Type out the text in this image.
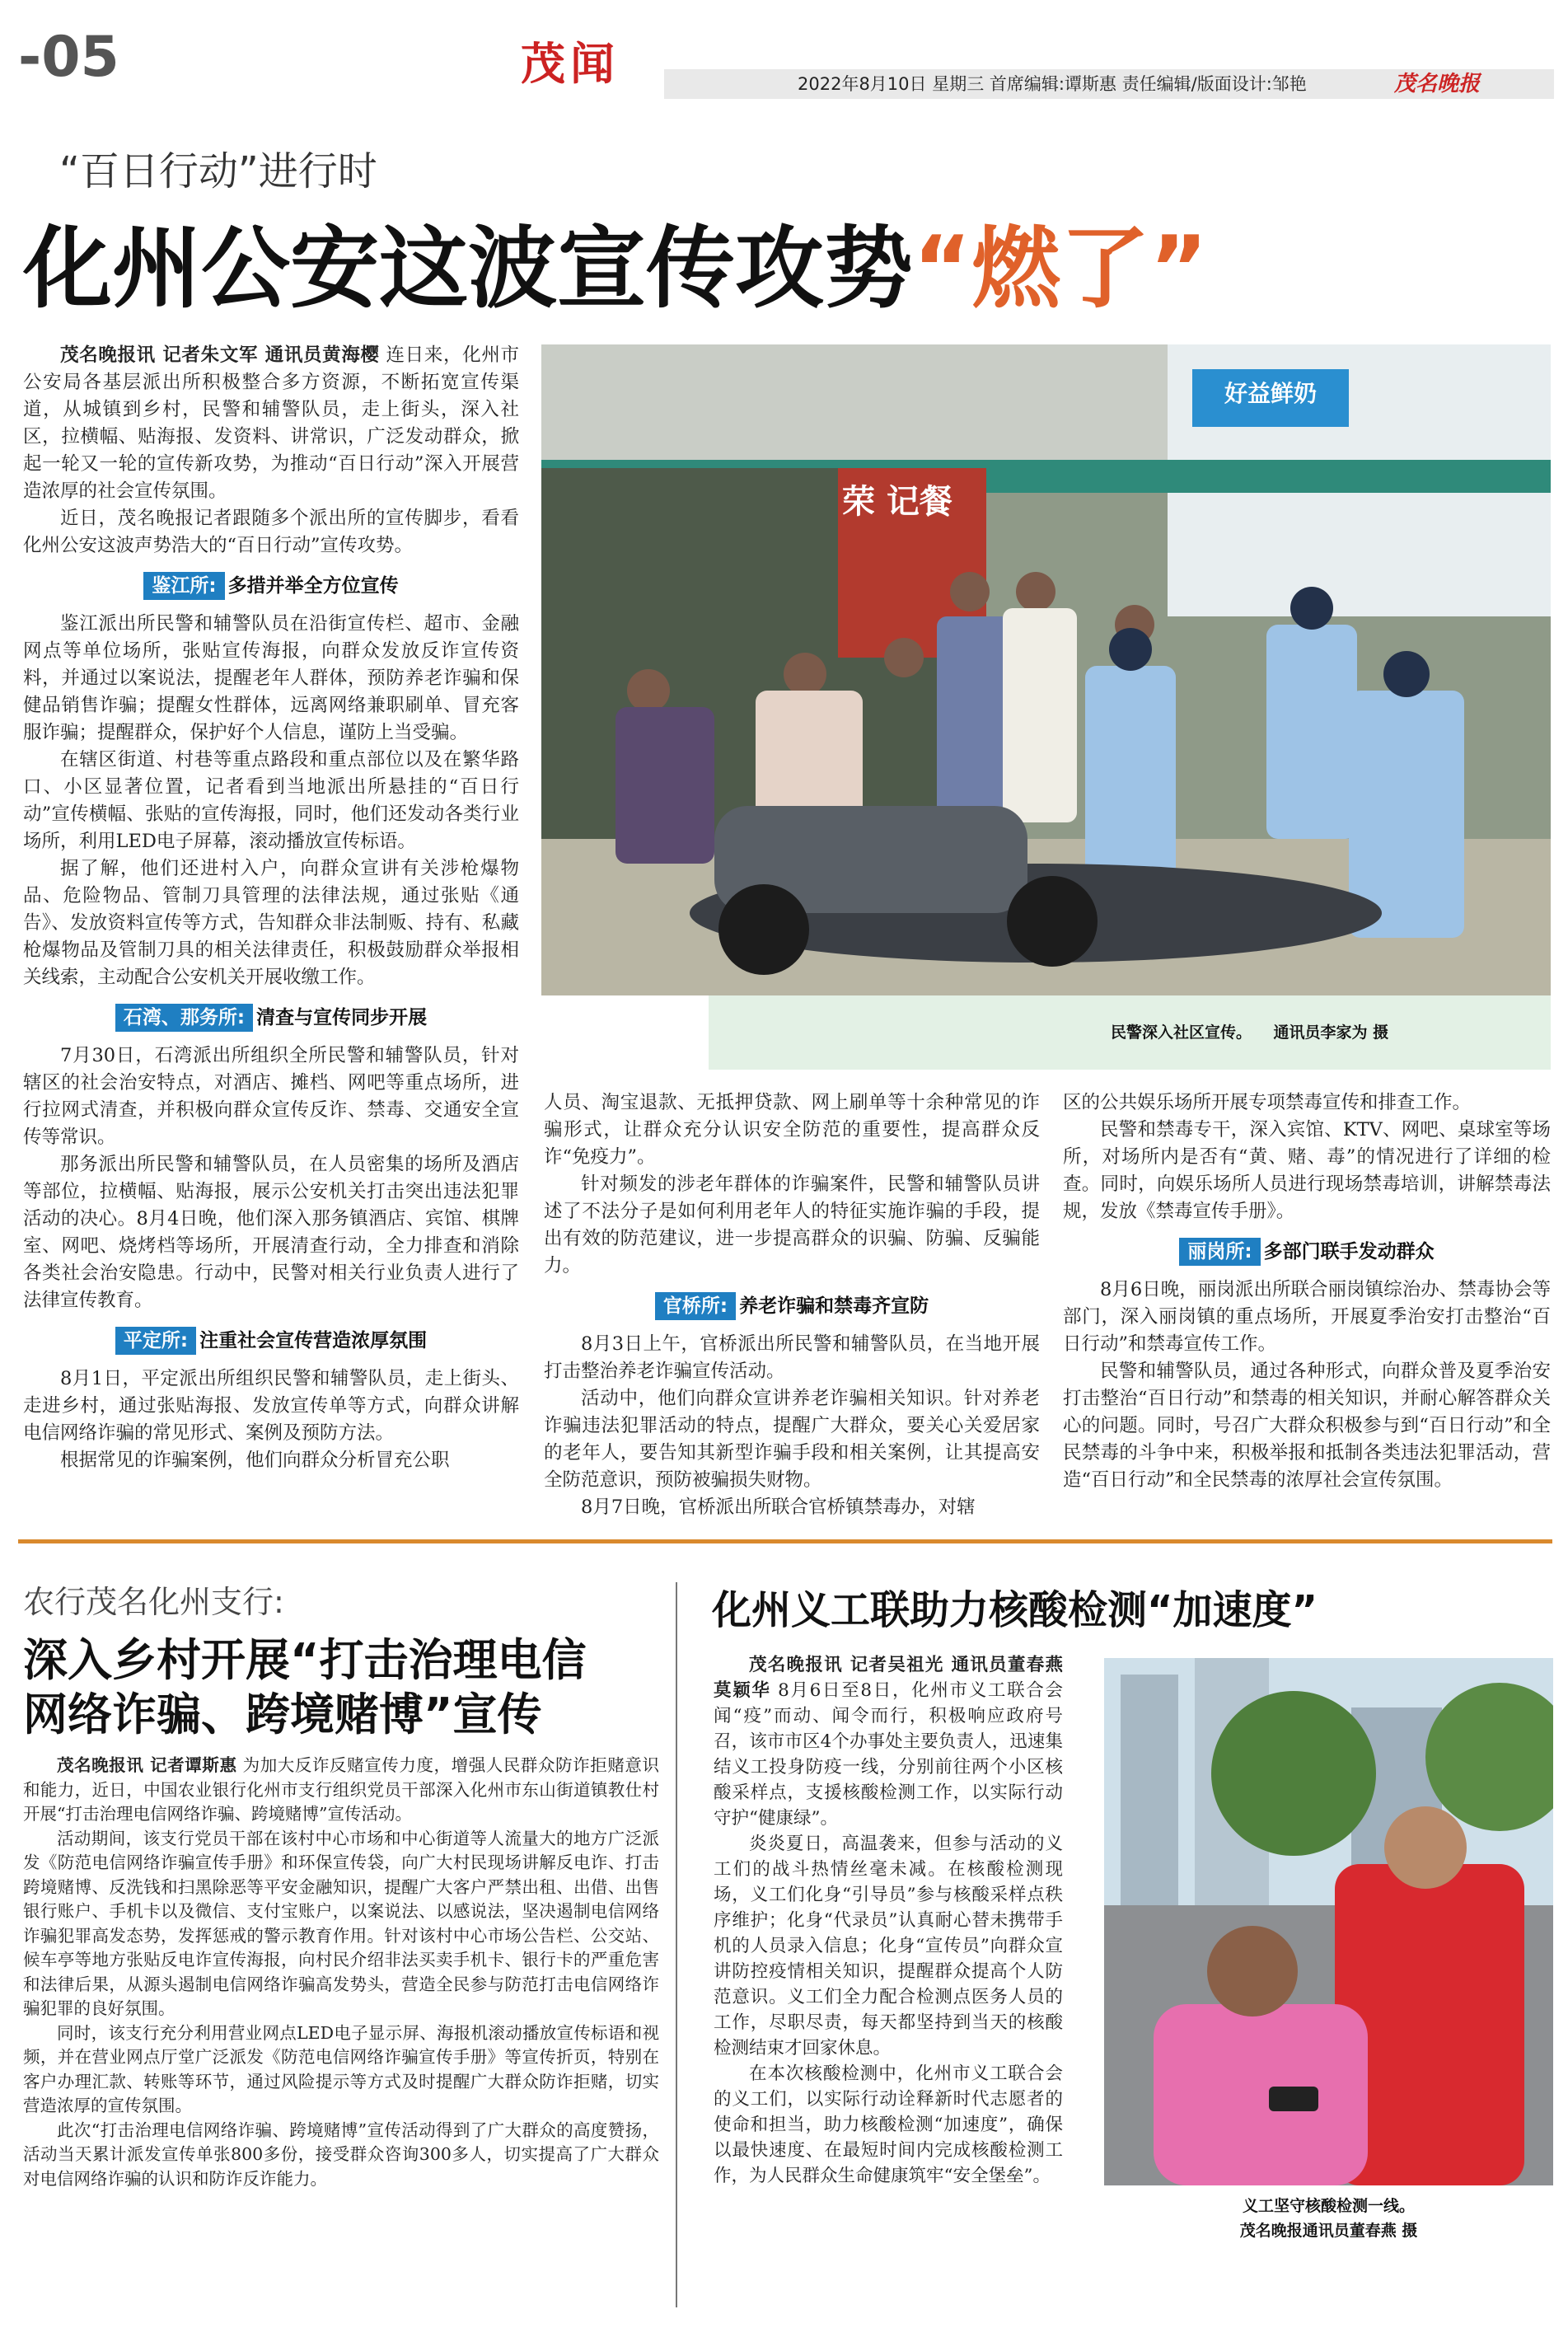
-05	茂闻	2022年8月10日 星期三 首席编辑:谭斯惠 责任编辑/版面设计:邹艳	茂名晚报
“百日行动”进行时
化州公安这波宣传攻势“燃了”

茂名晚报讯 记者朱文军 通讯员黄海樱 连日来，化州市公安局各基层派出所积极整合多方资源，不断拓宽宣传渠道，从城镇到乡村，民警和辅警队员，走上街头，深入社区，拉横幅、贴海报、发资料、讲常识，广泛发动群众，掀起一轮又一轮的宣传新攻势，为推动“百日行动”深入开展营造浓厚的社会宣传氛围。

近日，茂名晚报记者跟随多个派出所的宣传脚步，看看化州公安这波声势浩大的“百日行动”宣传攻势。

鉴江所: 多措并举全方位宣传

鉴江派出所民警和辅警队员在沿街宣传栏、超市、金融网点等单位场所，张贴宣传海报，向群众发放反诈宣传资料，并通过以案说法，提醒老年人群体，预防养老诈骗和保健品销售诈骗；提醒女性群体，远离网络兼职刷单、冒充客服诈骗；提醒群众，保护好个人信息，谨防上当受骗。

在辖区街道、村巷等重点路段和重点部位以及在繁华路口、小区显著位置，记者看到当地派出所悬挂的“百日行动”宣传横幅、张贴的宣传海报，同时，他们还发动各类行业场所，利用LED电子屏幕，滚动播放宣传标语。

据了解，他们还进村入户，向群众宣讲有关涉枪爆物品、危险物品、管制刀具管理的法律法规，通过张贴《通告》、发放资料宣传等方式，告知群众非法制贩、持有、私藏枪爆物品及管制刀具的相关法律责任，积极鼓励群众举报相关线索，主动配合公安机关开展收缴工作。

石湾、那务所: 清查与宣传同步开展

7月30日，石湾派出所组织全所民警和辅警队员，针对辖区的社会治安特点，对酒店、摊档、网吧等重点场所，进行拉网式清查，并积极向群众宣传反诈、禁毒、交通安全宣传等常识。

那务派出所民警和辅警队员，在人员密集的场所及酒店等部位，拉横幅、贴海报，展示公安机关打击突出违法犯罪活动的决心。8月4日晚，他们深入那务镇酒店、宾馆、棋牌室、网吧、烧烤档等场所，开展清查行动，全力排查和消除各类社会治安隐患。行动中，民警对相关行业负责人进行了法律宣传教育。

平定所: 注重社会宣传营造浓厚氛围

8月1日，平定派出所组织民警和辅警队员，走上街头、走进乡村，通过张贴海报、发放宣传单等方式，向群众讲解电信网络诈骗的常见形式、案例及预防方法。

根据常见的诈骗案例，他们向群众分析冒充公职

荣 记餐
好益鲜奶
民警深入社区宣传。    通讯员李家为 摄

人员、淘宝退款、无抵押贷款、网上刷单等十余种常见的诈骗形式，让群众充分认识安全防范的重要性，提高群众反诈“免疫力”。

针对频发的涉老年群体的诈骗案件，民警和辅警队员讲述了不法分子是如何利用老年人的特征实施诈骗的手段，提出有效的防范建议，进一步提高群众的识骗、防骗、反骗能力。

官桥所: 养老诈骗和禁毒齐宣防

8月3日上午，官桥派出所民警和辅警队员，在当地开展打击整治养老诈骗宣传活动。

活动中，他们向群众宣讲养老诈骗相关知识。针对养老诈骗违法犯罪活动的特点，提醒广大群众，要关心关爱居家的老年人，要告知其新型诈骗手段和相关案例，让其提高安全防范意识，预防被骗损失财物。

8月7日晚，官桥派出所联合官桥镇禁毒办，对辖

区的公共娱乐场所开展专项禁毒宣传和排查工作。

民警和禁毒专干，深入宾馆、KTV、网吧、桌球室等场所，对场所内是否有“黄、赌、毒”的情况进行了详细的检查。同时，向娱乐场所人员进行现场禁毒培训，讲解禁毒法规，发放《禁毒宣传手册》。

丽岗所: 多部门联手发动群众

8月6日晚，丽岗派出所联合丽岗镇综治办、禁毒协会等部门，深入丽岗镇的重点场所，开展夏季治安打击整治“百日行动”和禁毒宣传工作。

民警和辅警队员，通过各种形式，向群众普及夏季治安打击整治“百日行动”和禁毒的相关知识，并耐心解答群众关心的问题。同时，号召广大群众积极参与到“百日行动”和全民禁毒的斗争中来，积极举报和抵制各类违法犯罪活动，营造“百日行动”和全民禁毒的浓厚社会宣传氛围。

农行茂名化州支行:
深入乡村开展“打击治理电信
网络诈骗、跨境赌博”宣传

茂名晚报讯 记者谭斯惠 为加大反诈反赌宣传力度，增强人民群众防诈拒赌意识和能力，近日，中国农业银行化州市支行组织党员干部深入化州市东山街道镇教仕村开展“打击治理电信网络诈骗、跨境赌博”宣传活动。

活动期间，该支行党员干部在该村中心市场和中心街道等人流量大的地方广泛派发《防范电信网络诈骗宣传手册》和环保宣传袋，向广大村民现场讲解反电诈、打击跨境赌博、反洗钱和扫黑除恶等平安金融知识，提醒广大客户严禁出租、出借、出售银行账户、手机卡以及微信、支付宝账户，以案说法、以感说法，坚决遏制电信网络诈骗犯罪高发态势，发挥惩戒的警示教育作用。针对该村中心市场公告栏、公交站、候车亭等地方张贴反电诈宣传海报，向村民介绍非法买卖手机卡、银行卡的严重危害和法律后果，从源头遏制电信网络诈骗高发势头，营造全民参与防范打击电信网络诈骗犯罪的良好氛围。

同时，该支行充分利用营业网点LED电子显示屏、海报机滚动播放宣传标语和视频，并在营业网点厅堂广泛派发《防范电信网络诈骗宣传手册》等宣传折页，特别在客户办理汇款、转账等环节，通过风险提示等方式及时提醒广大群众防诈拒赌，切实营造浓厚的宣传氛围。

此次“打击治理电信网络诈骗、跨境赌博”宣传活动得到了广大群众的高度赞扬，活动当天累计派发宣传单张800多份，接受群众咨询300多人，切实提高了广大群众对电信网络诈骗的认识和防诈反诈能力。

化州义工联助力核酸检测“加速度”

茂名晚报讯 记者吴祖光 通讯员董春燕 莫颖华 8月6日至8日，化州市义工联合会闻“疫”而动、闻令而行，积极响应政府号召，该市市区4个办事处主要负责人，迅速集结义工投身防疫一线，分别前往两个小区核酸采样点，支援核酸检测工作，以实际行动守护“健康绿”。

炎炎夏日，高温袭来，但参与活动的义工们的战斗热情丝毫未减。在核酸检测现场，义工们化身“引导员”参与核酸采样点秩序维护；化身“代录员”认真耐心替未携带手机的人员录入信息；化身“宣传员”向群众宣讲防控疫情相关知识，提醒群众提高个人防范意识。义工们全力配合检测点医务人员的工作，尽职尽责，每天都坚持到当天的核酸检测结束才回家休息。

在本次核酸检测中，化州市义工联合会的义工们，以实际行动诠释新时代志愿者的使命和担当，助力核酸检测“加速度”，确保以最快速度、在最短时间内完成核酸检测工作，为人民群众生命健康筑牢“安全堡垒”。

义工坚守核酸检测一线。
茂名晚报通讯员董春燕 摄
